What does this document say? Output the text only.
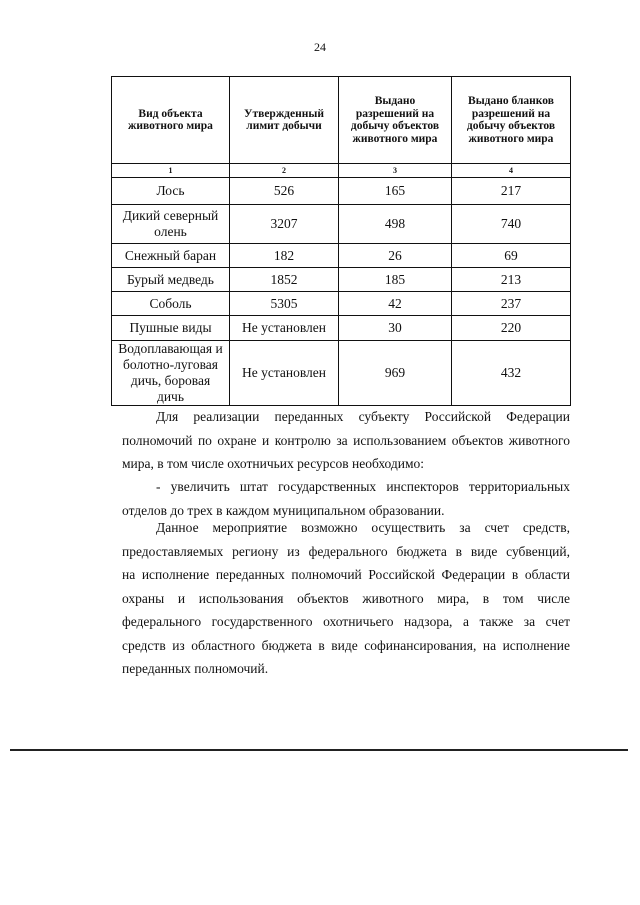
24
Вид объекта животного мира	Утвержденный лимит добычи	Выдано разрешений на добычу объектов животного мира	Выдано бланков разрешений на добычу объектов животного мира
1	2	3	4
Лось	526	165	217
Дикий северный олень	3207	498	740
Снежный баран	182	26	69
Бурый медведь	1852	185	213
Соболь	5305	42	237
Пушные виды	Не установлен	30	220
Водоплавающая и болотно-луговая дичь, боровая дичь	Не установлен	969	432
Для реализации переданных субъекту Российской Федерации
полномочий по охране и контролю за использованием объектов животного
мира, в том числе охотничьих ресурсов необходимо:
- увеличить штат государственных инспекторов территориальных
отделов до трех в каждом муниципальном образовании.
Данное мероприятие возможно осуществить за счет средств,
предоставляемых региону из федерального бюджета в виде субвенций,
на исполнение переданных полномочий Российской Федерации в области
охраны и использования объектов животного мира, в том числе
федерального государственного охотничьего надзора, а также за счет
средств из областного бюджета в виде софинансирования, на исполнение
переданных полномочий.
